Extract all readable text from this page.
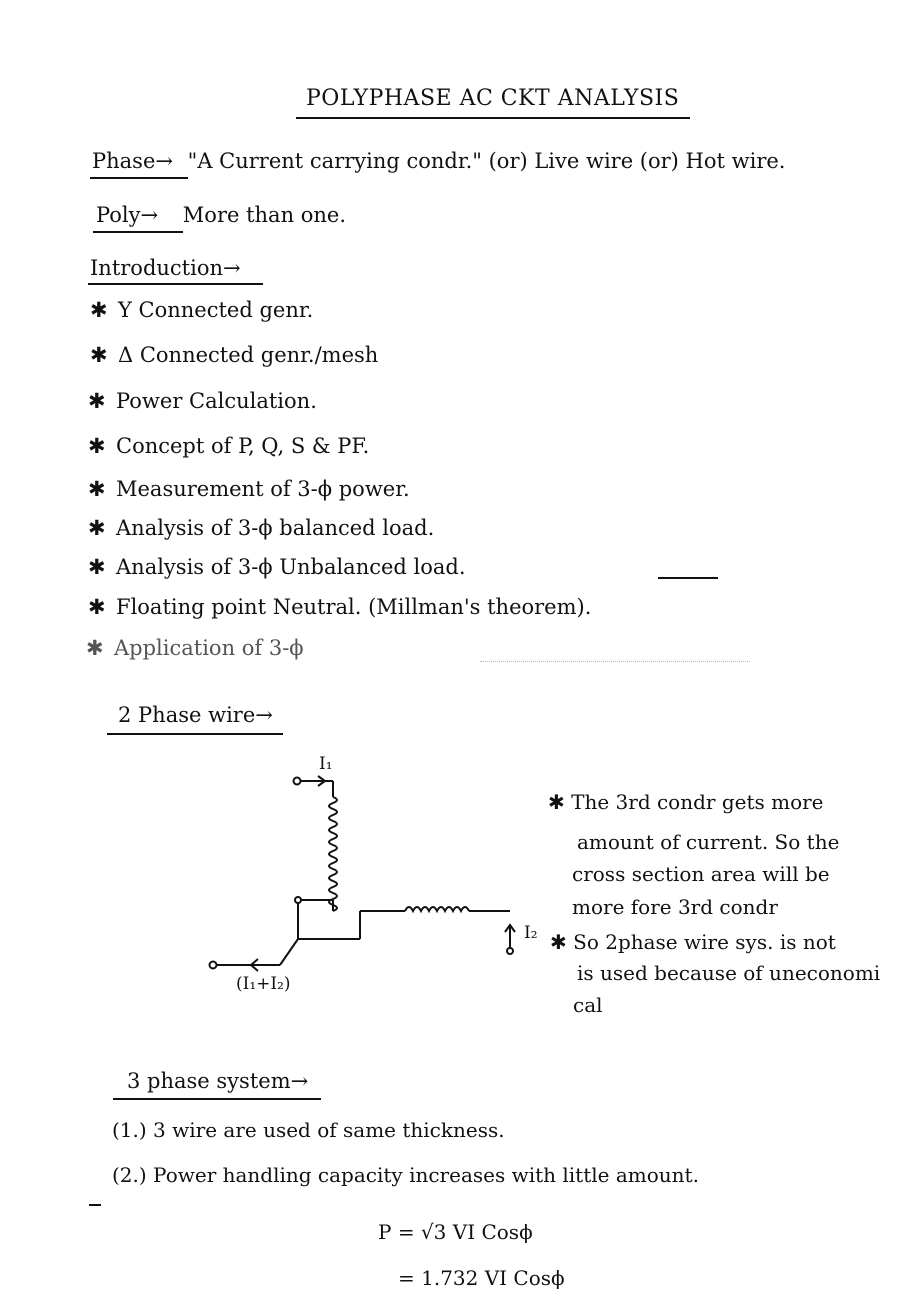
POLYPHASE AC CKT ANALYSIS
Phase→ "A Current carrying condr." (or) Live wire (or) Hot wire.
Poly→ More than one.
Introduction→
✱ Y Connected genr.
✱ Δ Connected genr./mesh
✱ Power Calculation.
✱ Concept of P, Q, S & PF.
✱ Measurement of 3-ϕ power.
✱ Analysis of 3-ϕ balanced load.
✱ Analysis of 3-ϕ Unbalanced load.
✱ Floating point Neutral. (Millman's theorem).
✱ Application of 3-ϕ
2 Phase wire→
I₁
I₂
(I₁+I₂)
✱ The 3rd condr gets more
amount of current. So the
cross section area will be
more fore 3rd condr
✱ So 2phase wire sys. is not
is used because of uneconomi
cal
3 phase system→
(1.) 3 wire are used of same thickness.
(2.) Power handling capacity increases with little amount.
P = √3 VI Cosϕ
= 1.732 VI Cosϕ
